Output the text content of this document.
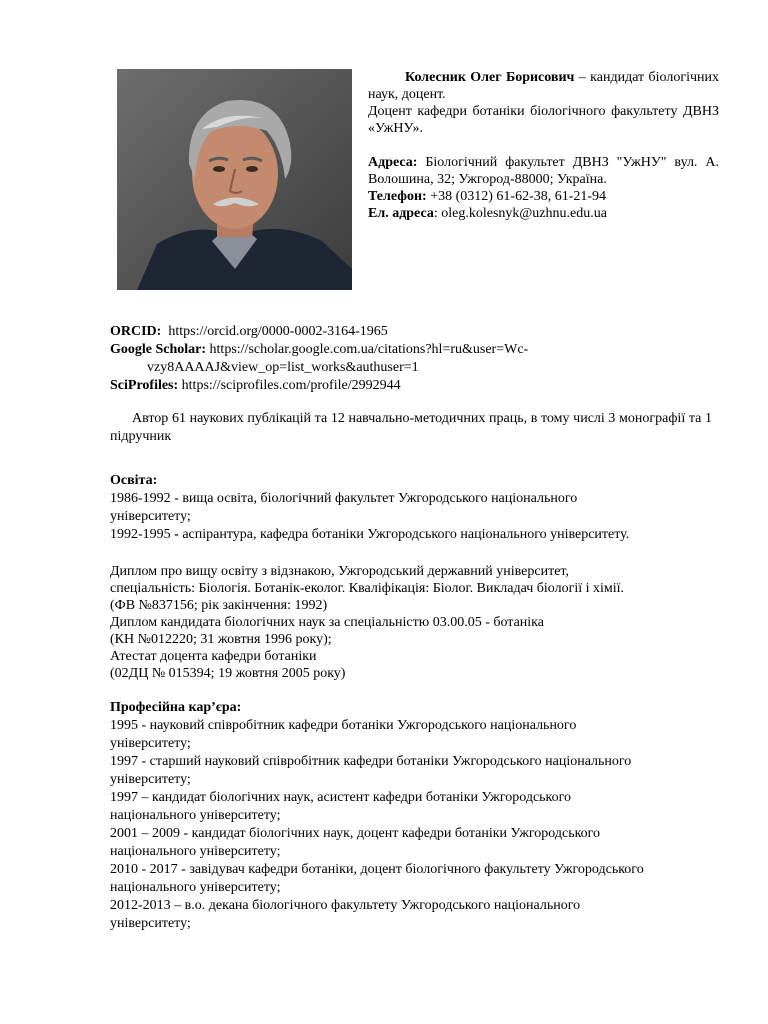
Колесник Олег Борисович – кандидат біологічних наук, доцент.

Доцент кафедри ботаніки біологічного факультету ДВНЗ «УжНУ».

Адреса: Біологічний факультет ДВНЗ "УжНУ" вул. А. Волошина, 32; Ужгород-88000; Україна.

Телефон: +38 (0312) 61-62-38, 61-21-94

Ел. адреса: oleg.kolesnyk@uzhnu.edu.ua

ORCID:  https://orcid.org/0000-0002-3164-1965

Google Scholar: https://scholar.google.com.ua/citations?hl=ru&user=Wc-

vzy8AAAAJ&view_op=list_works&authuser=1

SciProfiles: https://sciprofiles.com/profile/2992944

Автор 61 наукових публікацій та 12 навчально-методичних праць, в тому числі 3 монографії та 1 підручник

Освіта:

1986-1992 - вища освіта, біологічний факультет Ужгородського національного

університету;

1992-1995 - аспірантура, кафедра ботаніки Ужгородського національного університету.

Диплом про вищу освіту з відзнакою, Ужгородський державний університет,

спеціальність: Біологія. Ботанік-еколог. Кваліфікація: Біолог. Викладач біології і хімії.

(ФВ №837156; рік закінчення: 1992)

Диплом кандидата біологічних наук за спеціальністю 03.00.05 - ботаніка

(КН №012220; 31 жовтня 1996 року);

Атестат доцента кафедри ботаніки

(02ДЦ № 015394; 19 жовтня 2005 року)

Професійна кар’єра:

1995 - науковий співробітник кафедри ботаніки Ужгородського національного

університету;

1997 - старший науковий співробітник кафедри ботаніки Ужгородського національного

університету;

1997 – кандидат біологічних наук, асистент кафедри ботаніки Ужгородського

національного університету;

2001 – 2009 - кандидат біологічних наук, доцент кафедри ботаніки Ужгородського

національного університету;

2010 - 2017 - завідувач кафедри ботаніки, доцент біологічного факультету Ужгородського

національного університету;

2012-2013 – в.о. декана біологічного факультету Ужгородського національного

університету;
